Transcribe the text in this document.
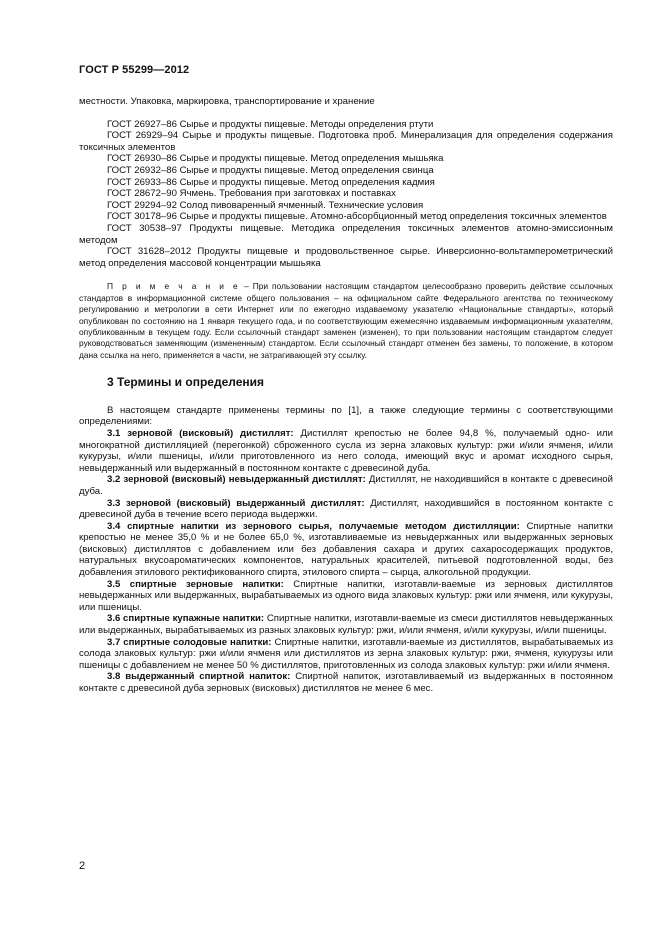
ГОСТ Р 55299—2012

местности. Упаковка, маркировка, транспортирование и хранение

ГОСТ 26927–86 Сырье и продукты пищевые. Методы определения ртути

ГОСТ 26929–94 Сырье и продукты пищевые. Подготовка проб. Минерализация для определения содержания токсичных элементов

ГОСТ 26930–86 Сырье и продукты пищевые. Метод определения мышьяка

ГОСТ 26932–86 Сырье и продукты пищевые. Метод определения свинца

ГОСТ 26933–86 Сырье и продукты пищевые. Метод определения кадмия

ГОСТ 28672–90 Ячмень. Требования при заготовках и поставках

ГОСТ 29294–92 Солод пивоваренный ячменный. Технические условия

ГОСТ 30178–96 Сырье и продукты пищевые. Атомно-абсорбционный метод определения токсичных элементов

ГОСТ 30538–97 Продукты пищевые. Методика определения токсичных элементов атомно-эмиссионным методом

ГОСТ 31628–2012 Продукты пищевые и продовольственное сырье. Инверсионно-вольтамперометрический метод определения массовой концентрации мышьяка

П р и м е ч а н и е – При пользовании настоящим стандартом целесообразно проверить действие ссылочных стандартов в информационной системе общего пользования – на официальном сайте Федерального агентства по техническому регулированию и метрологии в сети Интернет или по ежегодно издаваемому указателю «Национальные стандарты», который опубликован по состоянию на 1 января текущего года, и по соответствующим ежемесячно издаваемым информационным указателям, опубликованным в текущем году. Если ссылочный стандарт заменен (изменен), то при пользовании настоящим стандартом следует руководствоваться заменяющим (измененным) стандартом. Если ссылочный стандарт отменен без замены, то положение, в котором дана ссылка на него, применяется в части, не затрагивающей эту ссылку.

3 Термины и определения

В настоящем стандарте применены термины по [1], а также следующие термины с соответствующими определениями:

3.1 зерновой (висковый) дистиллят: Дистиллят крепостью не более 94,8 %, получаемый одно- или многократной дистилляцией (перегонкой) сброженного сусла из зерна злаковых культур: ржи и/или ячменя, и/или кукурузы, и/или пшеницы, и/или приготовленного из него солода, имеющий вкус и аромат исходного сырья, невыдержанный или выдержанный в постоянном контакте с древесиной дуба.

3.2 зерновой (висковый) невыдержанный дистиллят: Дистиллят, не находившийся в контакте с древесиной дуба.

3.3 зерновой (висковый) выдержанный дистиллят: Дистиллят, находившийся в постоянном контакте с древесиной дуба в течение всего периода выдержки.

3.4 спиртные напитки из зернового сырья, получаемые методом дистилляции: Спиртные напитки крепостью не менее 35,0 % и не более 65,0 %, изготавливаемые из невыдержанных или выдержанных зерновых (висковых) дистиллятов с добавлением или без добавления сахара и других сахаросодержащих продуктов, натуральных вкусоароматических компонентов, натуральных красителей, питьевой подготовленной воды, без добавления этилового ректификованного спирта, этилового спирта – сырца, алкогольной продукции.

3.5 спиртные зерновые напитки: Спиртные напитки, изготавли-ваемые из зерновых дистиллятов невыдержанных или выдержанных, вырабатываемых из одного вида злаковых культур: ржи или ячменя, или кукурузы, или пшеницы.

3.6 спиртные купажные напитки: Спиртные напитки, изготавли-ваемые из смеси дистиллятов невыдержанных или выдержанных, вырабатываемых из разных злаковых культур: ржи, и/или ячменя, и/или кукурузы, и/или пшеницы.

3.7 спиртные солодовые напитки: Спиртные напитки, изготавли-ваемые из дистиллятов, вырабатываемых из солода злаковых культур: ржи и/или ячменя или дистиллятов из зерна злаковых культур: ржи, ячменя, кукурузы или пшеницы с добавлением не менее 50 % дистиллятов, приготовленных из солода злаковых культур: ржи и/или ячменя.

3.8 выдержанный спиртной напиток: Спиртной напиток, изготавливаемый из выдержанных в постоянном контакте с древесиной дуба зерновых (висковых) дистиллятов не менее 6 мес.

2
